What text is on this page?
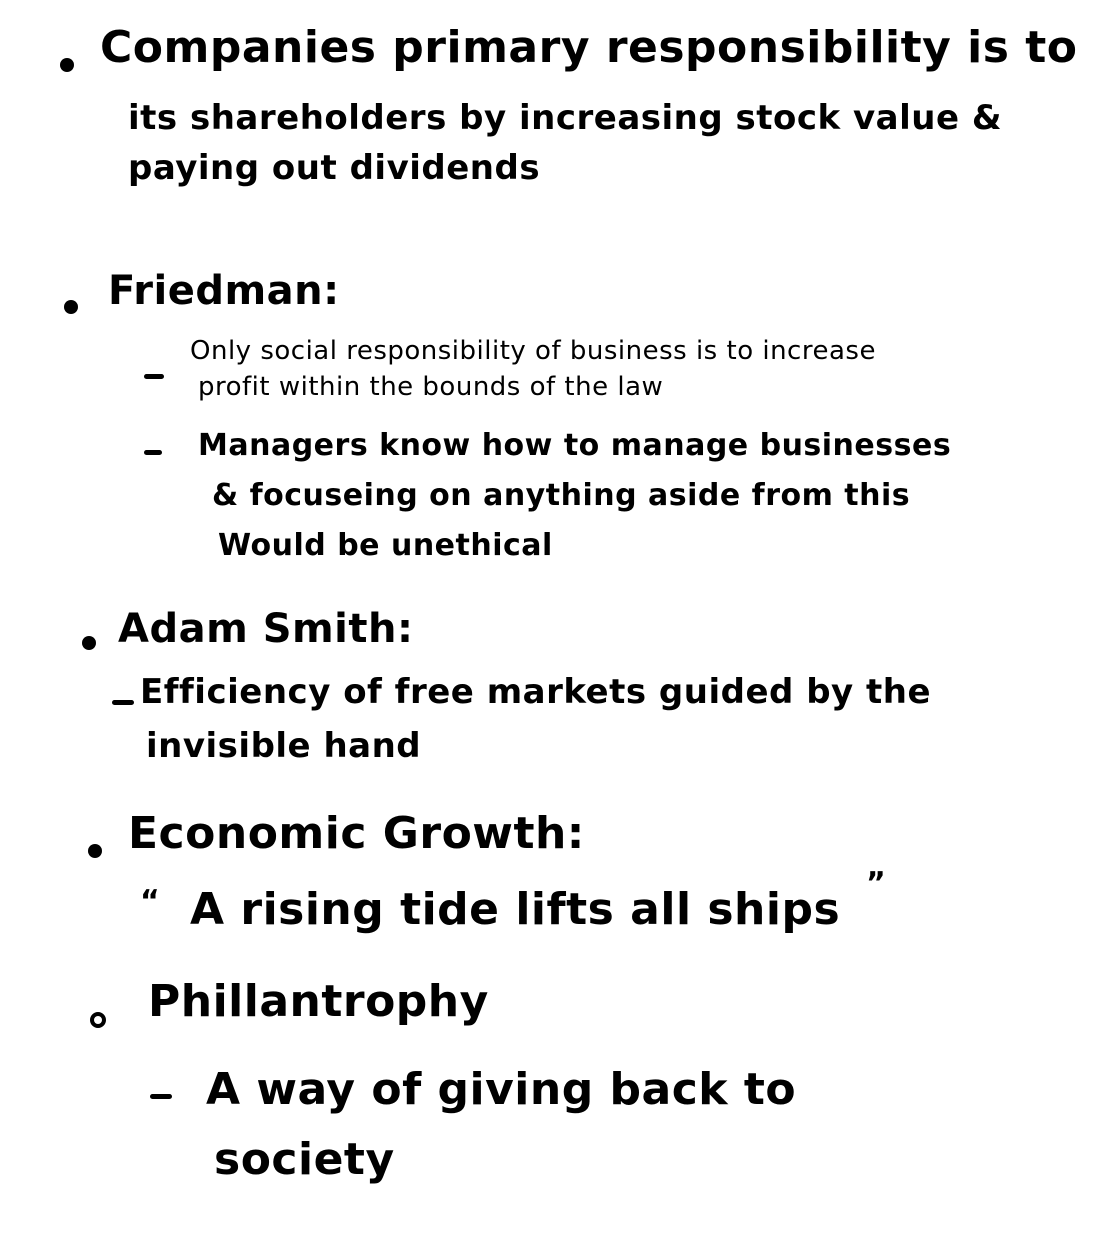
Companies primary responsibility is to
its shareholders by increasing stock value &
paying out dividends
Friedman:
Only social responsibility of business is to increase
profit within the bounds of the law
Managers know how to manage businesses
& focuseing on anything aside from this
Would be unethical
Adam Smith:
Efficiency of free markets guided by the
invisible hand
Economic Growth:
“ A rising tide lifts all ships
”
Phillantrophy
A way of giving back to
society
